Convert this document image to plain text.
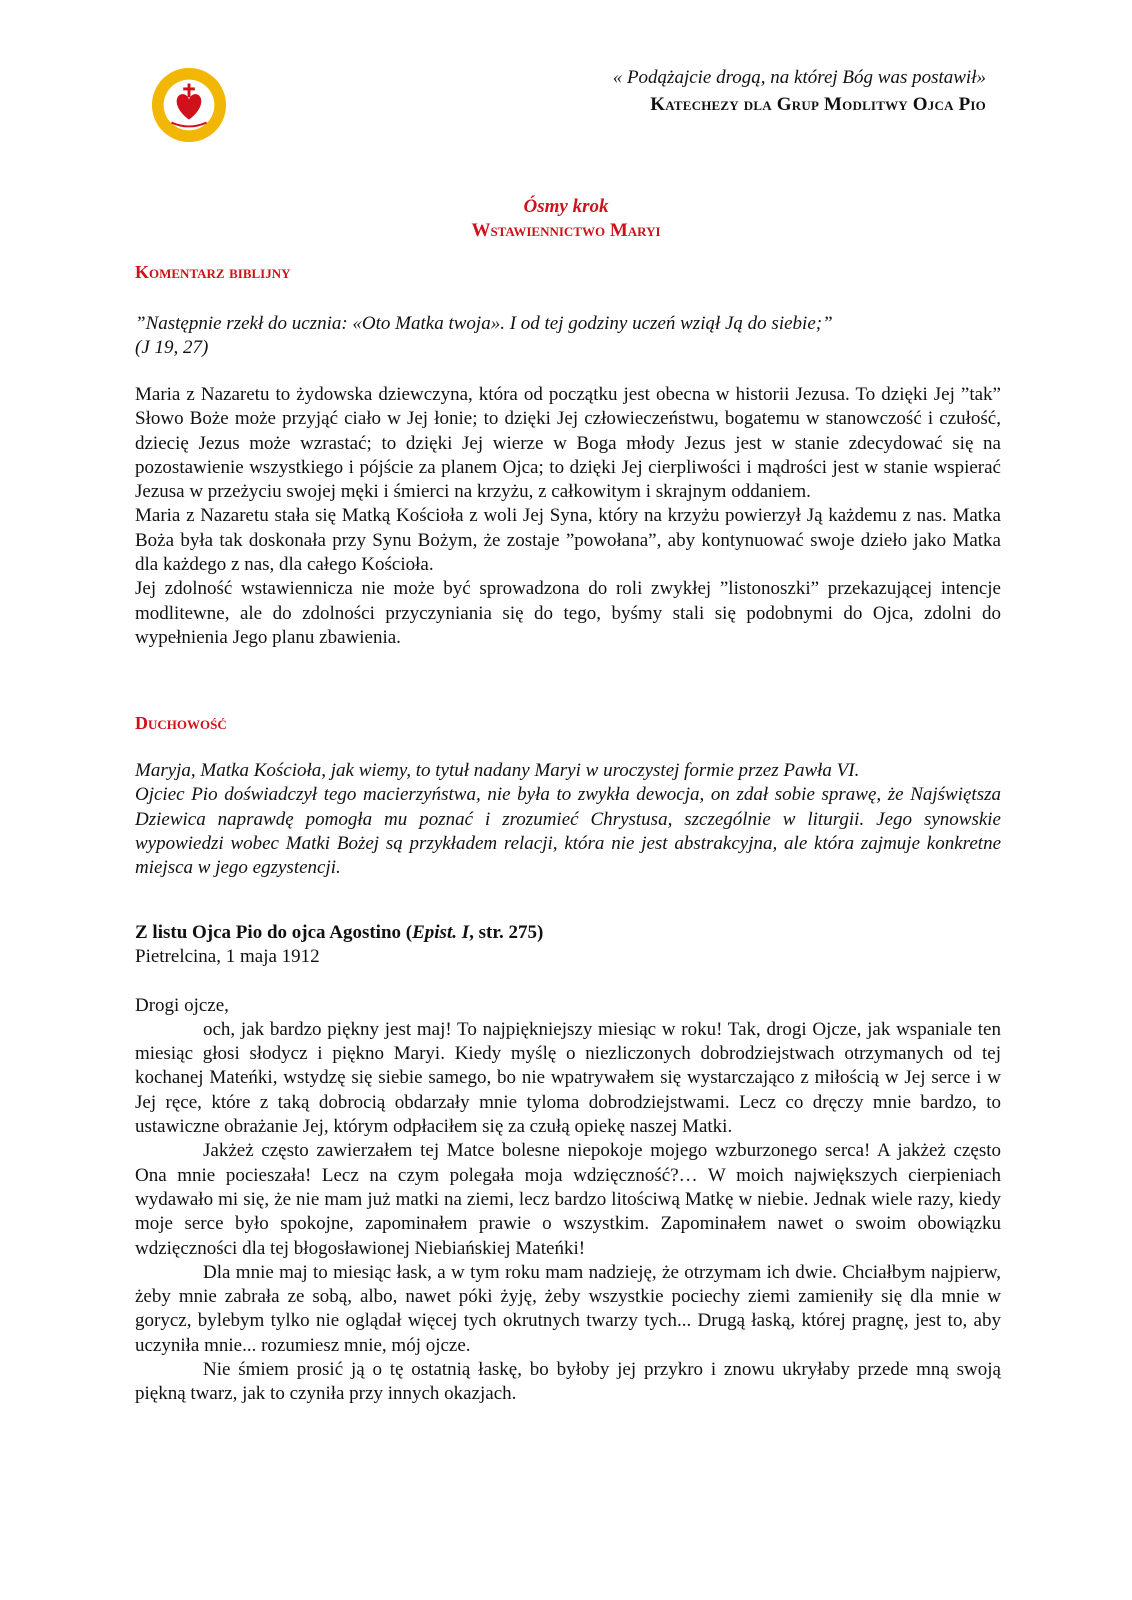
« Podążajcie drogą, na której Bóg was postawił»
Katechezy dla Grup Modlitwy Ojca Pio
Ósmy krok
Wstawiennictwo Maryi
Komentarz biblijny

”Następnie rzekł do ucznia: «Oto Matka twoja». I od tej godziny uczeń wziął Ją do siebie;”

(J 19, 27)

Maria z Nazaretu to żydowska dziewczyna, która od początku jest obecna w historii Jezusa. To dzięki Jej ”tak” Słowo Boże może przyjąć ciało w Jej łonie; to dzięki Jej człowieczeństwu, bogatemu w stanowczość i czułość, dziecię Jezus może wzrastać; to dzięki Jej wierze w Boga młody Jezus jest w stanie zdecydować się na pozostawienie wszystkiego i pójście za planem Ojca; to dzięki Jej cierpliwości i mądrości jest w stanie wspierać Jezusa w przeżyciu swojej męki i śmierci na krzyżu, z całkowitym i skrajnym oddaniem.

Maria z Nazaretu stała się Matką Kościoła z woli Jej Syna, który na krzyżu powierzył Ją każdemu z nas. Matka Boża była tak doskonała przy Synu Bożym, że zostaje ”powołana”, aby kontynuować swoje dzieło jako Matka dla każdego z nas, dla całego Kościoła.

Jej zdolność wstawiennicza nie może być sprowadzona do roli zwykłej ”listonoszki” przekazującej intencje modlitewne, ale do zdolności przyczyniania się do tego, byśmy stali się podobnymi do Ojca, zdolni do wypełnienia Jego planu zbawienia.

Duchowość

Maryja, Matka Kościoła, jak wiemy, to tytuł nadany Maryi w uroczystej formie przez Pawła VI.

Ojciec Pio doświadczył tego macierzyństwa, nie była to zwykła dewocja, on zdał sobie sprawę, że Najświętsza Dziewica naprawdę pomogła mu poznać i zrozumieć Chrystusa, szczególnie w liturgii. Jego synowskie wypowiedzi wobec Matki Bożej są przykładem relacji, która nie jest abstrakcyjna, ale która zajmuje konkretne miejsca w jego egzystencji.

Z listu Ojca Pio do ojca Agostino (Epist. I, str. 275)

Pietrelcina, 1 maja 1912

Drogi ojcze,

och, jak bardzo piękny jest maj! To najpiękniejszy miesiąc w roku! Tak, drogi Ojcze, jak wspaniale ten miesiąc głosi słodycz i piękno Maryi. Kiedy myślę o niezliczonych dobrodziejstwach otrzymanych od tej kochanej Mateńki, wstydzę się siebie samego, bo nie wpatrywałem się wystarczająco z miłością w Jej serce i w Jej ręce, które z taką dobrocią obdarzały mnie tyloma dobrodziejstwami. Lecz co dręczy mnie bardzo, to ustawiczne obrażanie Jej, którym odpłaciłem się za czułą opiekę naszej Matki.

Jakżeż często zawierzałem tej Matce bolesne niepokoje mojego wzburzonego serca! A jakżeż często Ona mnie pocieszała! Lecz na czym polegała moja wdzięczność?… W moich największych cierpieniach wydawało mi się, że nie mam już matki na ziemi, lecz bardzo litościwą Matkę w niebie. Jednak wiele razy, kiedy moje serce było spokojne, zapominałem prawie o wszystkim. Zapominałem nawet o swoim obowiązku wdzięczności dla tej błogosławionej Niebiańskiej Mateńki!

Dla mnie maj to miesiąc łask, a w tym roku mam nadzieję, że otrzymam ich dwie. Chciałbym najpierw, żeby mnie zabrała ze sobą, albo, nawet póki żyję, żeby wszystkie pociechy ziemi zamieniły się dla mnie w gorycz, bylebym tylko nie oglądał więcej tych okrutnych twarzy tych... Drugą łaską, której pragnę, jest to, aby uczyniła mnie... rozumiesz mnie, mój ojcze.

Nie śmiem prosić ją o tę ostatnią łaskę, bo byłoby jej przykro i znowu ukryłaby przede mną swoją piękną twarz, jak to czyniła przy innych okazjach.
